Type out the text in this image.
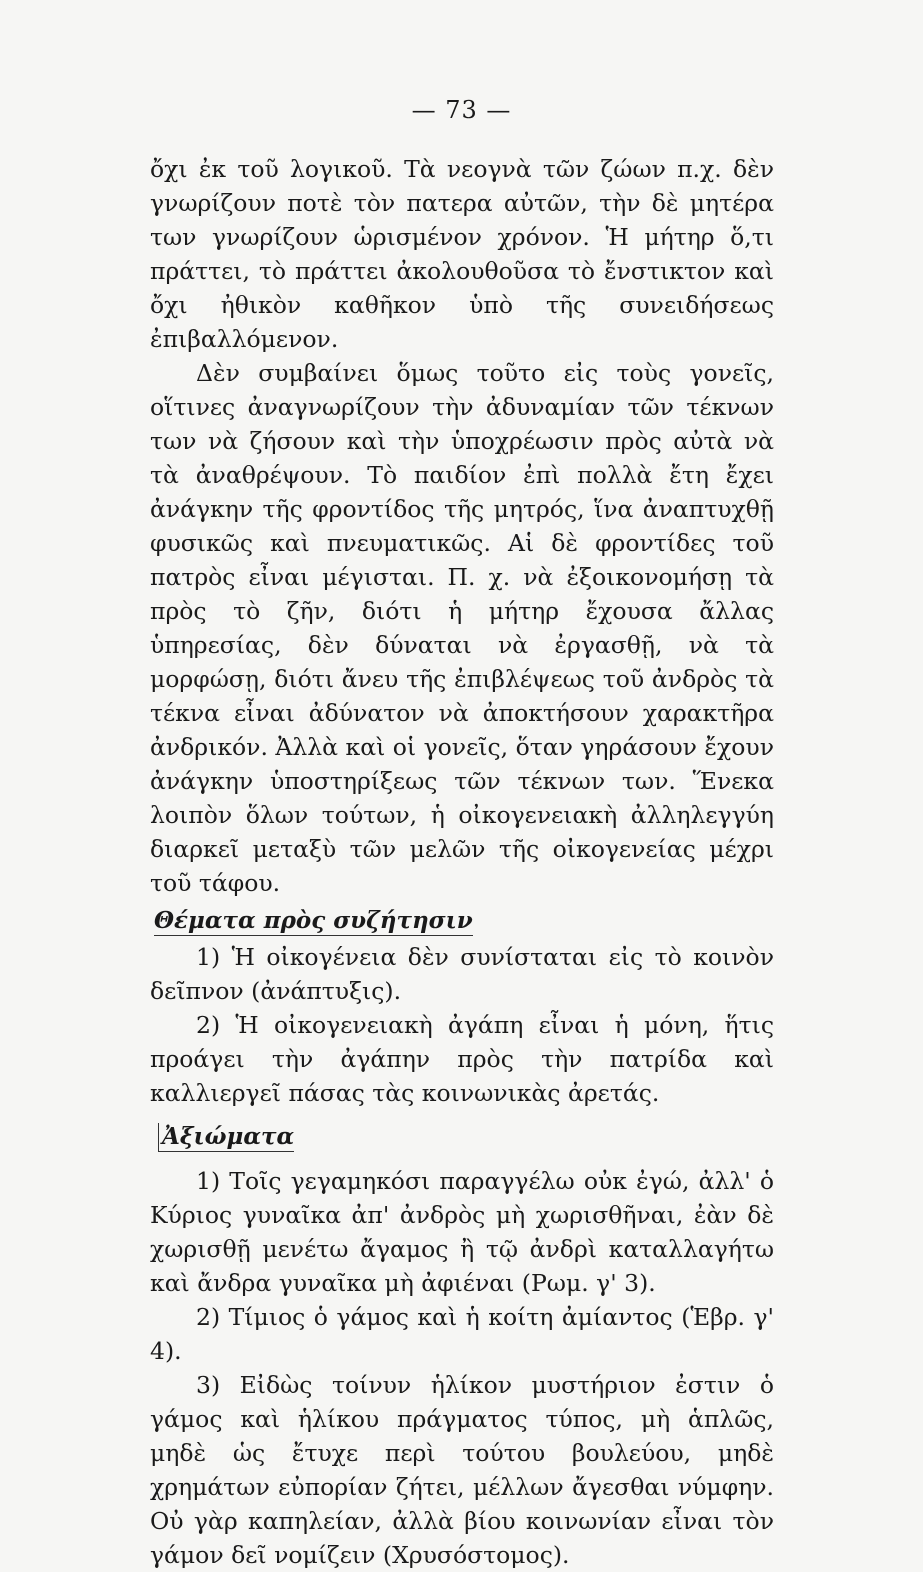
— 73 —

ὄχι ἐκ τοῦ λογικοῦ. Τὰ νεογνὰ τῶν ζώων π.χ. δὲν γνωρίζουν ποτὲ τὸν πατερα αὐτῶν, τὴν δὲ μητέρα των γνωρίζουν ὡρισμένον χρόνον. Ἡ μήτηρ ὅ,τι πράττει, τὸ πράττει ἀκολουθοῦσα τὸ ἔνστικτον καὶ ὄχι ἠθικὸν καθῆκον ὑπὸ τῆς συνειδήσεως ἐπιβαλλόμενον.

Δὲν συμβαίνει ὅμως τοῦτο εἰς τοὺς γονεῖς, οἵτινες ἀναγνωρίζουν τὴν ἀδυναμίαν τῶν τέκνων των νὰ ζήσουν καὶ τὴν ὑποχρέωσιν πρὸς αὐτὰ νὰ τὰ ἀναθρέψουν. Τὸ παιδίον ἐπὶ πολλὰ ἔτη ἔχει ἀνάγκην τῆς φροντίδος τῆς μητρός, ἵνα ἀναπτυχθῇ φυσικῶς καὶ πνευματικῶς. Αἱ δὲ φροντίδες τοῦ πατρὸς εἶναι μέγισται. Π. χ. νὰ ἐξοικονομήσῃ τὰ πρὸς τὸ ζῆν, διότι ἡ μήτηρ ἔχουσα ἄλλας ὑπηρεσίας, δὲν δύναται νὰ ἐργασθῇ, νὰ τὰ μορφώσῃ, διότι ἄνευ τῆς ἐπιβλέψεως τοῦ ἀνδρὸς τὰ τέκνα εἶναι ἀδύνατον νὰ ἀποκτήσουν χαρακτῆρα ἀνδρικόν. Ἀλλὰ καὶ οἱ γονεῖς, ὅταν γηράσουν ἔχουν ἀνάγκην ὑποστηρίξεως τῶν τέκνων των. Ἕνεκα λοιπὸν ὅλων τούτων, ἡ οἰκογενειακὴ ἀλληλεγγύη διαρκεῖ μεταξὺ τῶν μελῶν τῆς οἰκογενείας μέχρι τοῦ τάφου.

Θέματα πρὸς συζήτησιν

1) Ἡ οἰκογένεια δὲν συνίσταται εἰς τὸ κοινὸν δεῖπνον (ἀνάπτυξις).

2) Ἡ οἰκογενειακὴ ἀγάπη εἶναι ἡ μόνη, ἥτις προάγει τὴν ἀγάπην πρὸς τὴν πατρίδα καὶ καλλιεργεῖ πάσας τὰς κοινωνικὰς ἀρετάς.

Ἀξιώματα

1) Τοῖς γεγαμηκόσι παραγγέλω οὐκ ἐγώ, ἀλλ' ὁ Κύριος γυναῖκα ἀπ' ἀνδρὸς μὴ χωρισθῆναι, ἐὰν δὲ χωρισθῇ μενέτω ἄγαμος ἢ τῷ ἀνδρὶ καταλλαγήτω καὶ ἄνδρα γυναῖκα μὴ ἀφιέναι (Ρωμ. γ' 3).

2) Τίμιος ὁ γάμος καὶ ἡ κοίτη ἀμίαντος (Ἑβρ. γ' 4).

3) Εἰδὼς τοίνυν ἡλίκον μυστήριον ἐστιν ὁ γάμος καὶ ἡλίκου πράγματος τύπος, μὴ ἁπλῶς, μηδὲ ὡς ἔτυχε περὶ τούτου βουλεύου, μηδὲ χρημάτων εὐπορίαν ζήτει, μέλλων ἄγεσθαι νύμφην. Οὐ γὰρ καπηλείαν, ἀλλὰ βίου κοινωνίαν εἶναι τὸν γάμον δεῖ νομίζειν (Χρυσόστομος).
